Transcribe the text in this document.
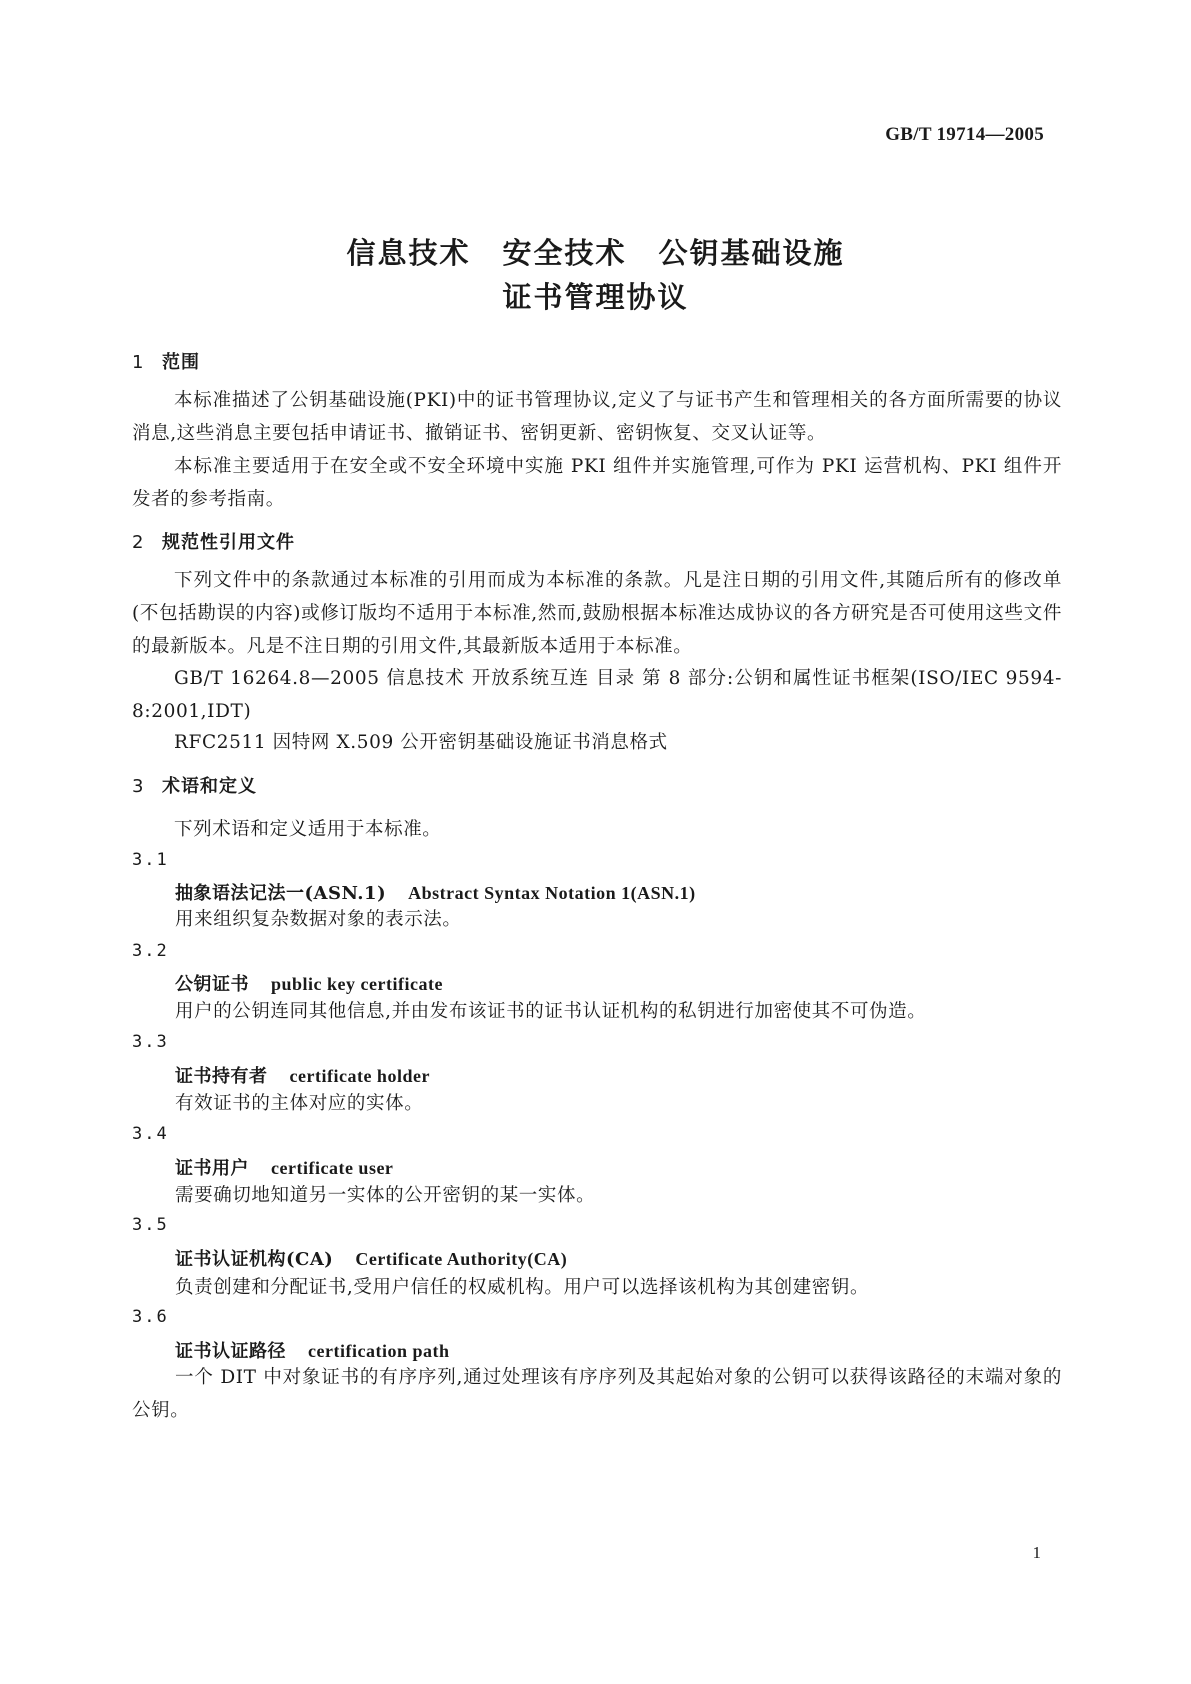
GB/T 19714—2005
信息技术 安全技术 公钥基础设施
证书管理协议
1 范围
本标准描述了公钥基础设施(PKI)中的证书管理协议,定义了与证书产生和管理相关的各方面所需要的协议消息,这些消息主要包括申请证书、撤销证书、密钥更新、密钥恢复、交叉认证等。
本标准主要适用于在安全或不安全环境中实施 PKI 组件并实施管理,可作为 PKI 运营机构、PKI 组件开发者的参考指南。
2 规范性引用文件
下列文件中的条款通过本标准的引用而成为本标准的条款。凡是注日期的引用文件,其随后所有的修改单(不包括勘误的内容)或修订版均不适用于本标准,然而,鼓励根据本标准达成协议的各方研究是否可使用这些文件的最新版本。凡是不注日期的引用文件,其最新版本适用于本标准。
GB/T 16264.8—2005 信息技术 开放系统互连 目录 第 8 部分:公钥和属性证书框架(ISO/IEC 9594-8:2001,IDT)
RFC2511 因特网 X.509 公开密钥基础设施证书消息格式
3 术语和定义
下列术语和定义适用于本标准。
3.1
抽象语法记法一(ASN.1) Abstract Syntax Notation 1(ASN.1)
用来组织复杂数据对象的表示法。
3.2
公钥证书 public key certificate
用户的公钥连同其他信息,并由发布该证书的证书认证机构的私钥进行加密使其不可伪造。
3.3
证书持有者 certificate holder
有效证书的主体对应的实体。
3.4
证书用户 certificate user
需要确切地知道另一实体的公开密钥的某一实体。
3.5
证书认证机构(CA) Certificate Authority(CA)
负责创建和分配证书,受用户信任的权威机构。用户可以选择该机构为其创建密钥。
3.6
证书认证路径 certification path
一个 DIT 中对象证书的有序序列,通过处理该有序序列及其起始对象的公钥可以获得该路径的末端对象的公钥。
1
